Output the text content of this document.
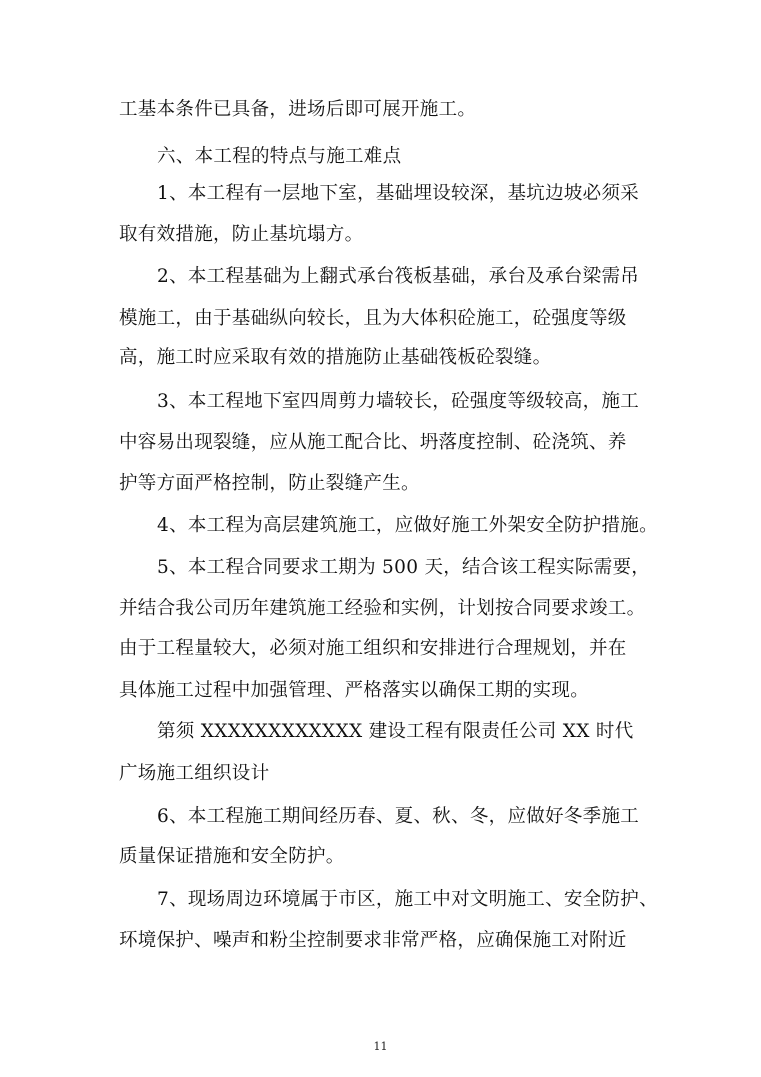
工基本条件已具备，进场后即可展开施工。
六、本工程的特点与施工难点
1、本工程有一层地下室，基础埋设较深，基坑边坡必须采
取有效措施，防止基坑塌方。
2、本工程基础为上翻式承台筏板基础，承台及承台梁需吊
模施工，由于基础纵向较长，且为大体积砼施工，砼强度等级
高，施工时应采取有效的措施防止基础筏板砼裂缝。
3、本工程地下室四周剪力墙较长，砼强度等级较高，施工
中容易出现裂缝，应从施工配合比、坍落度控制、砼浇筑、养
护等方面严格控制，防止裂缝产生。
4、本工程为高层建筑施工，应做好施工外架安全防护措施。
5、本工程合同要求工期为 500 天，结合该工程实际需要，
并结合我公司历年建筑施工经验和实例，计划按合同要求竣工。
由于工程量较大，必须对施工组织和安排进行合理规划，并在
具体施工过程中加强管理、严格落实以确保工期的实现。
第须 XXXXXXXXXXXX 建设工程有限责任公司 XX 时代
广场施工组织设计
6、本工程施工期间经历春、夏、秋、冬，应做好冬季施工
质量保证措施和安全防护。
7、现场周边环境属于市区，施工中对文明施工、安全防护、
环境保护、噪声和粉尘控制要求非常严格，应确保施工对附近
11
